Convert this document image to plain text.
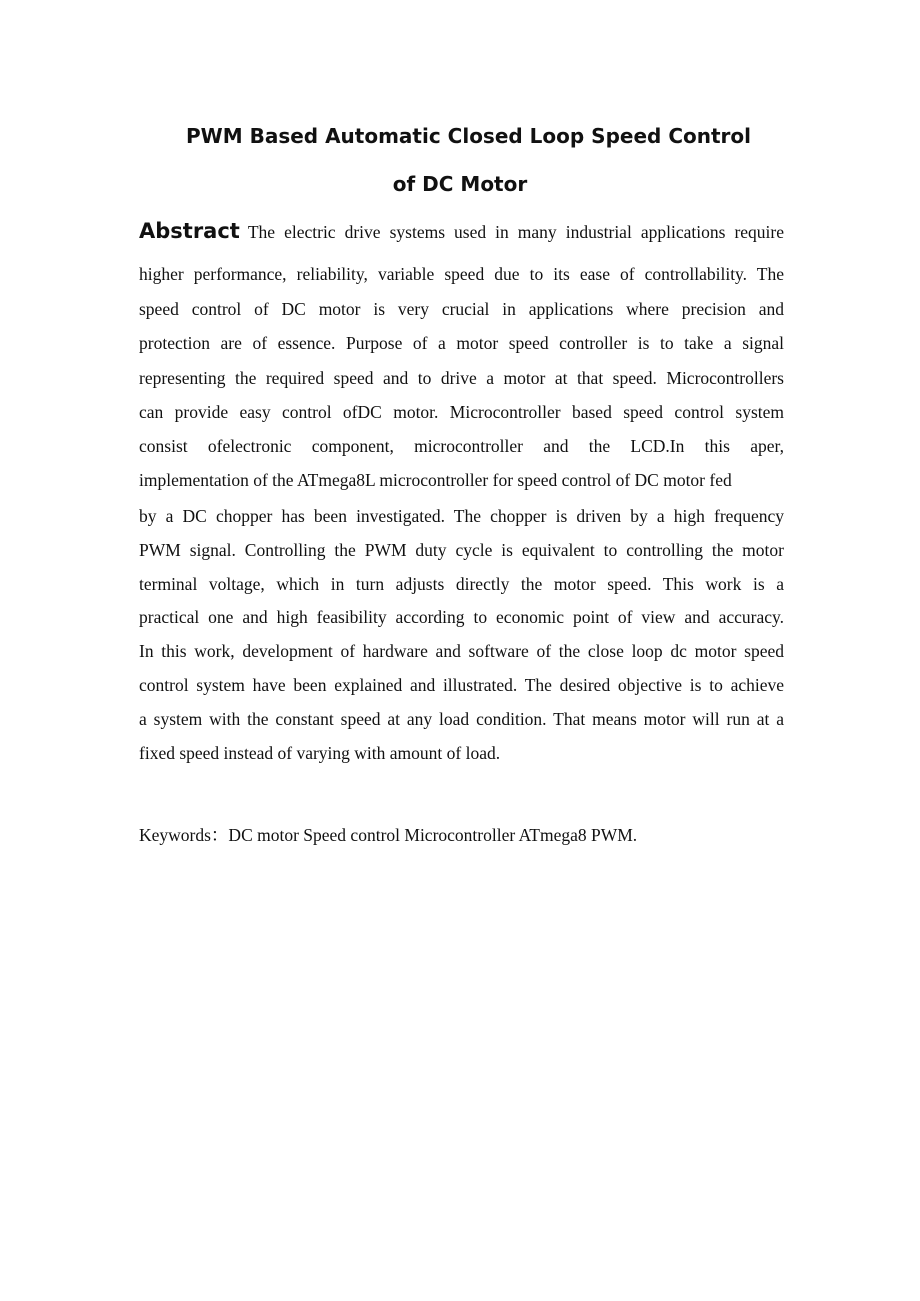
PWM Based Automatic Closed Loop Speed Control
of DC Motor
Abstract The electric drive systems used in many industrial applications require
higher performance, reliability, variable speed due to its ease of controllability. The
speed control of DC motor is very crucial in applications where precision and
protection are of essence. Purpose of a motor speed controller is to take a signal
representing the required speed and to drive a motor at that speed. Microcontrollers
can provide easy control ofDC motor. Microcontroller based speed control system
consist ofelectronic component, microcontroller and the LCD.In this aper,
implementation of the ATmega8L microcontroller for speed control of DC motor fed
by a DC chopper has been investigated. The chopper is driven by a high frequency
PWM signal. Controlling the PWM duty cycle is equivalent to controlling the motor
terminal voltage, which in turn adjusts directly the motor speed. This work is a
practical one and high feasibility according to economic point of view and accuracy.
In this work, development of hardware and software of the close loop dc motor speed
control system have been explained and illustrated. The desired objective is to achieve
a system with the constant speed at any load condition. That means motor will run at a
fixed speed instead of varying with amount of load.
Keywords：DC motor Speed control Microcontroller ATmega8 PWM.
